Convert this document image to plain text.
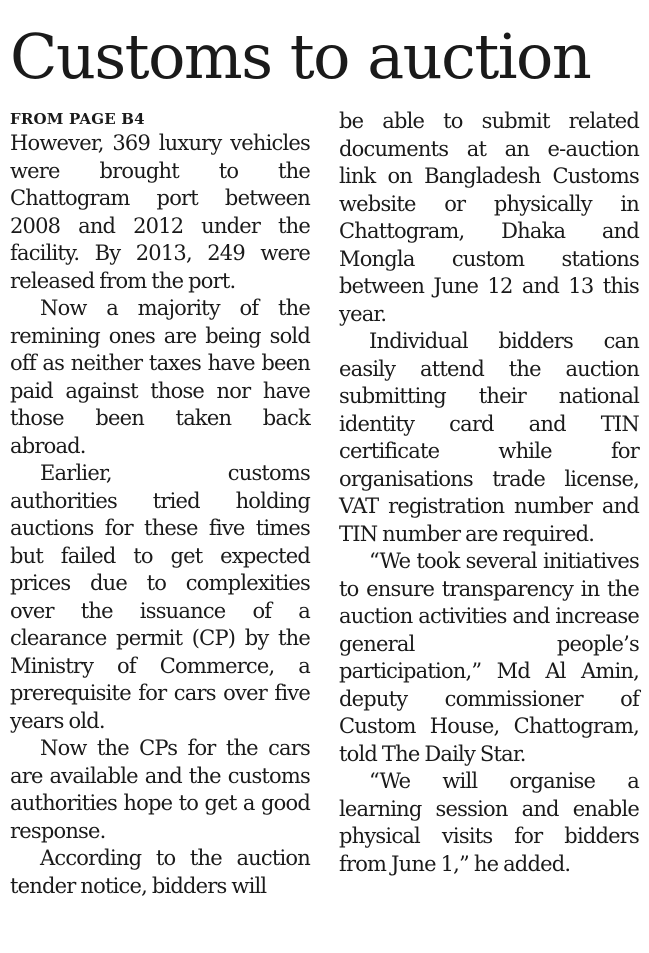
Customs to auction

FROM PAGE B4

However, 369 luxury vehicles were brought to the Chattogram port between 2008 and 2012 under the facility. By 2013, 249 were released from the port.

Now a majority of the remining ones are being sold off as neither taxes have been paid against those nor have those been taken back abroad.

Earlier, customs authorities tried holding auctions for these five times but failed to get expected prices due to complexities over the issuance of a clearance permit (CP) by the Ministry of Commerce, a prerequisite for cars over five years old.

Now the CPs for the cars are available and the customs authorities hope to get a good response.

According to the auction tender notice, bidders will

be able to submit related documents at an e-auction link on Bangladesh Customs website or physically in Chattogram, Dhaka and Mongla custom stations between June 12 and 13 this year.

Individual bidders can easily attend the auction submitting their national identity card and TIN certificate while for organisations trade license, VAT registration number and TIN number are required.

“We took several initiatives to ensure transparency in the auction activities and increase general people’s participation,” Md Al Amin, deputy commissioner of Custom House, Chattogram, told The Daily Star.

“We will organise a learning session and enable physical visits for bidders from June 1,” he added.
